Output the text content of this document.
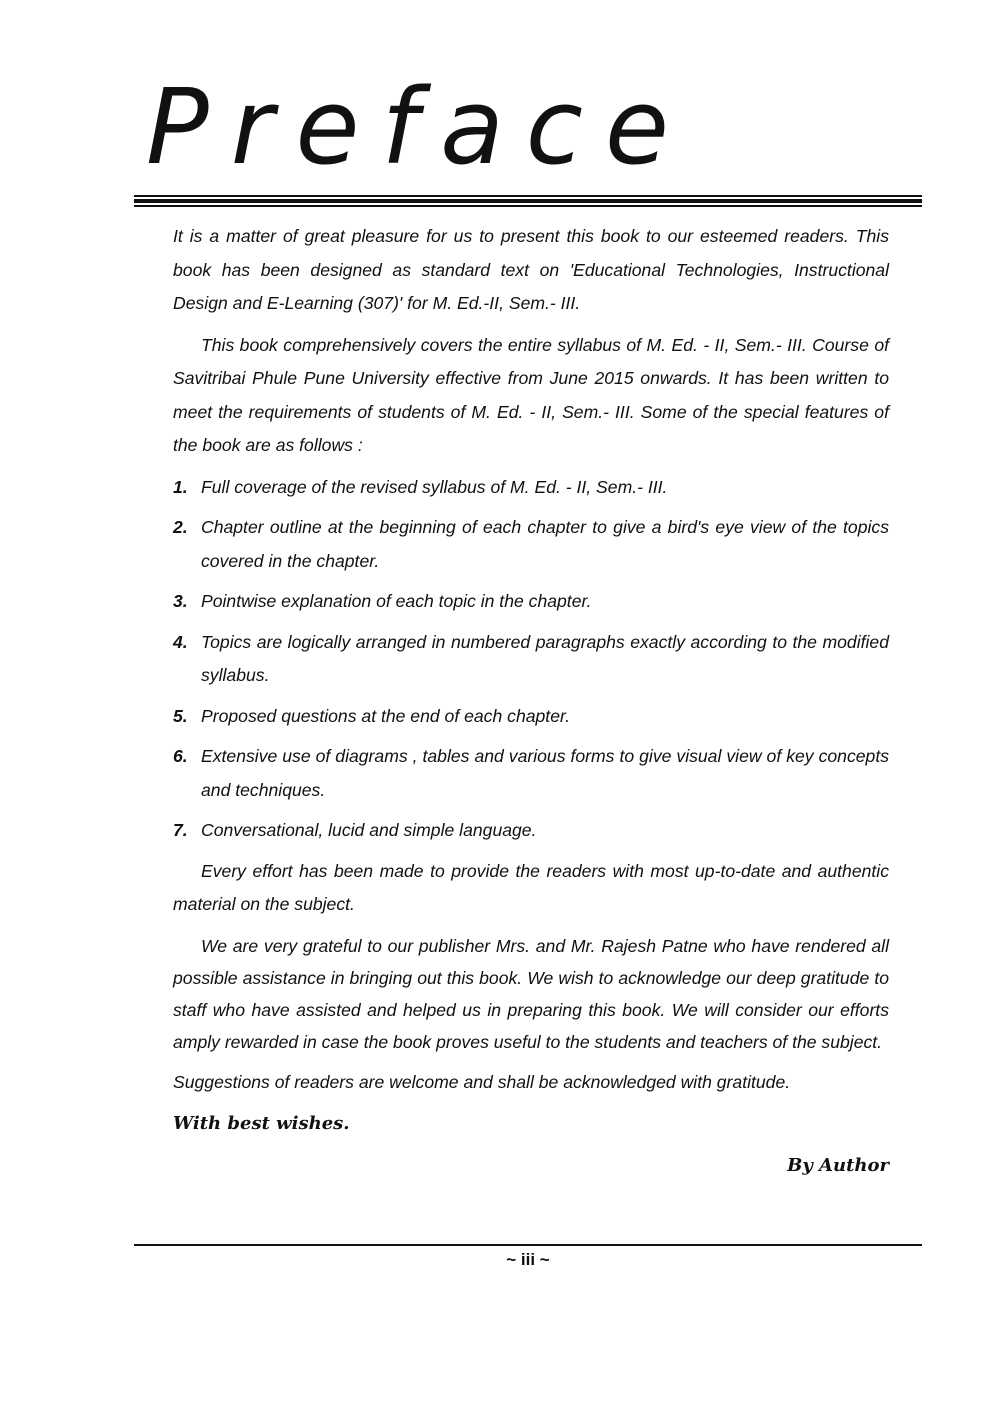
Preface

It is a matter of great pleasure for us to present this book to our esteemed readers. This book has been designed as standard text on 'Educational Technologies, Instructional Design and E-Learning (307)' for M. Ed.-II, Sem.- III.

This book comprehensively covers the entire syllabus of M. Ed. - II, Sem.- III. Course of Savitribai Phule Pune University effective from June 2015 onwards. It has been written to meet the requirements of students of M. Ed. - II, Sem.- III. Some of the special features of the book are as follows :

1. Full coverage of the revised syllabus of M. Ed. - II, Sem.- III.
2. Chapter outline at the beginning of each chapter to give a bird's eye view of the topics covered in the chapter.
3. Pointwise explanation of each topic in the chapter.
4. Topics are logically arranged in numbered paragraphs exactly according to the modified syllabus.
5. Proposed questions at the end of each chapter.
6. Extensive use of diagrams , tables and various forms to give visual view of key concepts and techniques.
7. Conversational, lucid and simple language.

Every effort has been made to provide the readers with most up-to-date and authentic material on the subject.

We are very grateful to our publisher Mrs. and Mr. Rajesh Patne who have rendered all possible assistance in bringing out this book. We wish to acknowledge our deep gratitude to staff who have assisted and helped us in preparing this book. We will consider our efforts amply rewarded in case the book proves useful to the students and teachers of the subject.

Suggestions of readers are welcome and shall be acknowledged with gratitude.

With best wishes.

By Author

~ iii ~
